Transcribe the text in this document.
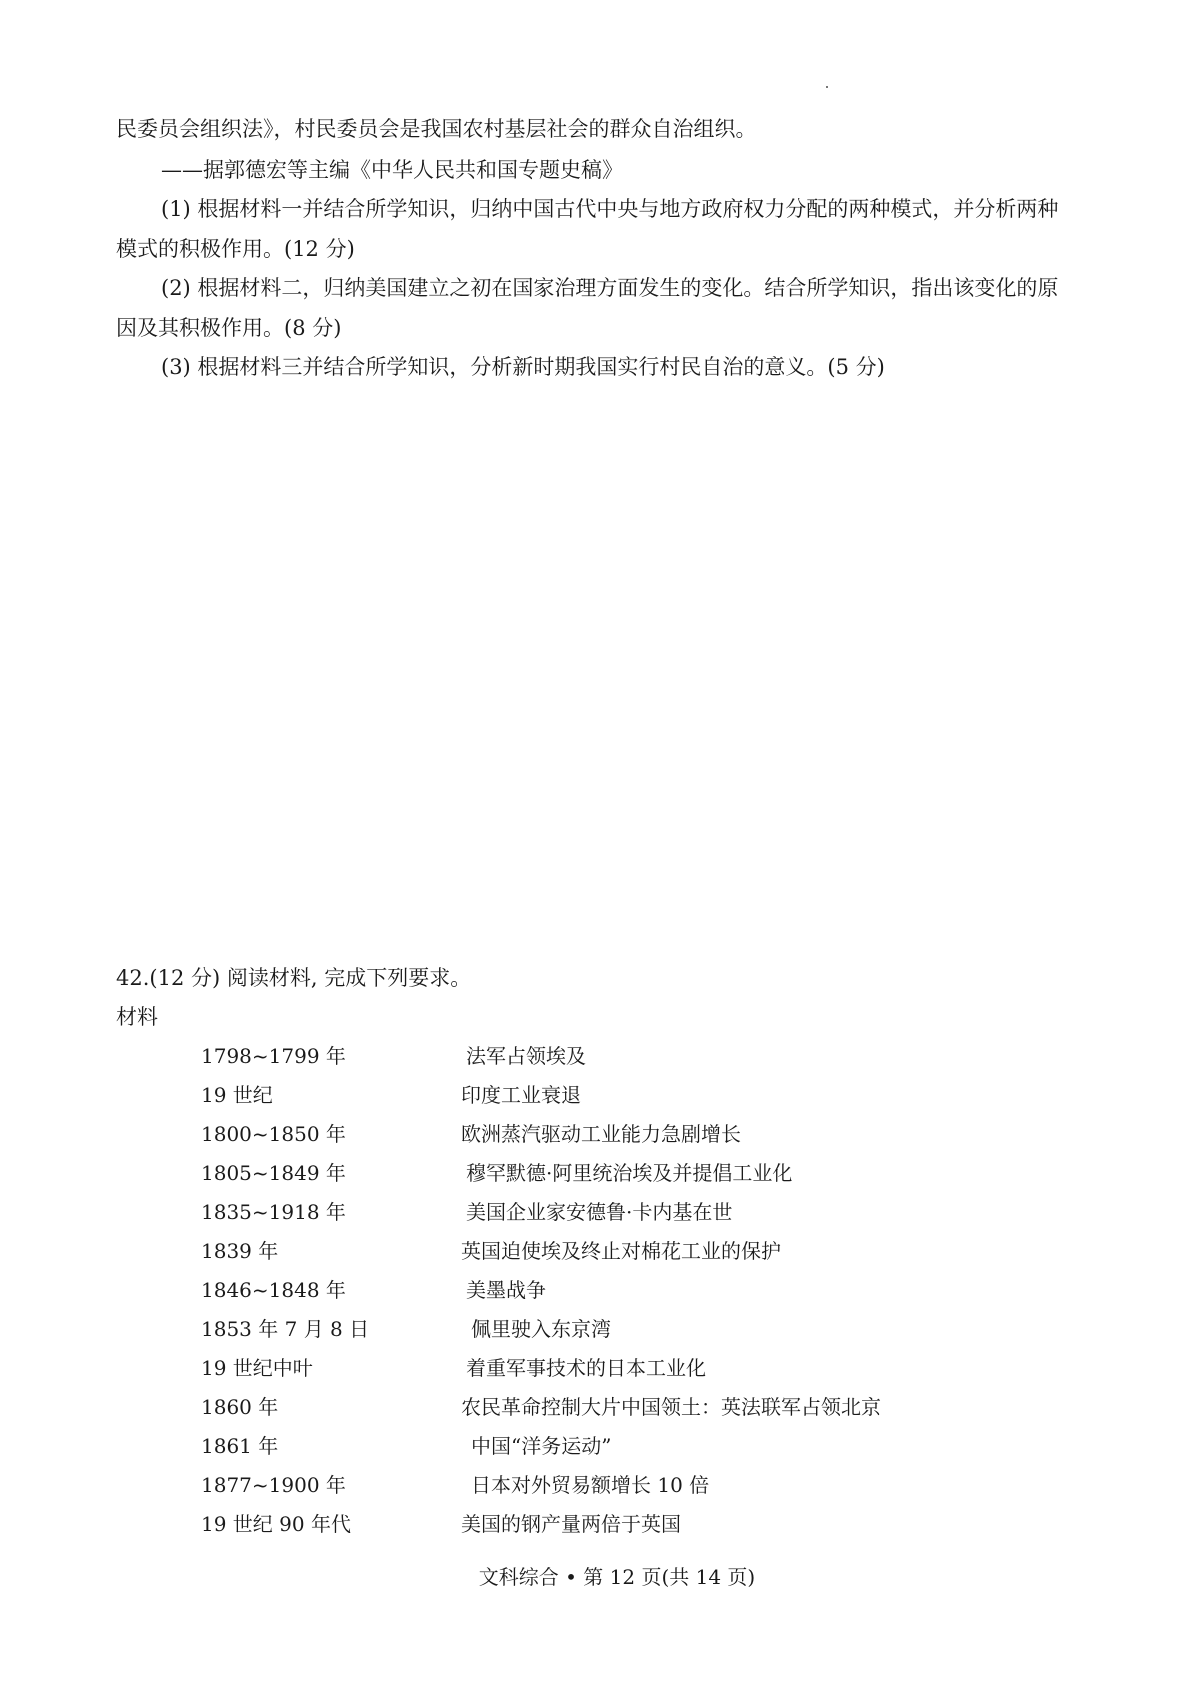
民委员会组织法》，村民委员会是我国农村基层社会的群众自治组织。
——据郭德宏等主编《中华人民共和国专题史稿》
(1) 根据材料一并结合所学知识，归纳中国古代中央与地方政府权力分配的两种模式，并分析两种
模式的积极作用。(12 分)
(2) 根据材料二，归纳美国建立之初在国家治理方面发生的变化。结合所学知识，指出该变化的原
因及其积极作用。(8 分)
(3) 根据材料三并结合所学知识，分析新时期我国实行村民自治的意义。(5 分)
42.(12 分) 阅读材料, 完成下列要求。
材料
1798~1799 年	法军占领埃及
19 世纪	印度工业衰退
1800~1850 年	欧洲蒸汽驱动工业能力急剧增长
1805~1849 年	穆罕默德·阿里统治埃及并提倡工业化
1835~1918 年	美国企业家安德鲁·卡内基在世
1839 年	英国迫使埃及终止对棉花工业的保护
1846~1848 年	美墨战争
1853 年 7 月 8 日	佩里驶入东京湾
19 世纪中叶	着重军事技术的日本工业化
1860 年	农民革命控制大片中国领土：英法联军占领北京
1861 年	中国“洋务运动”
1877~1900 年	日本对外贸易额增长 10 倍
19 世纪 90 年代	美国的钢产量两倍于英国
文科综合 • 第 12 页(共 14 页)
